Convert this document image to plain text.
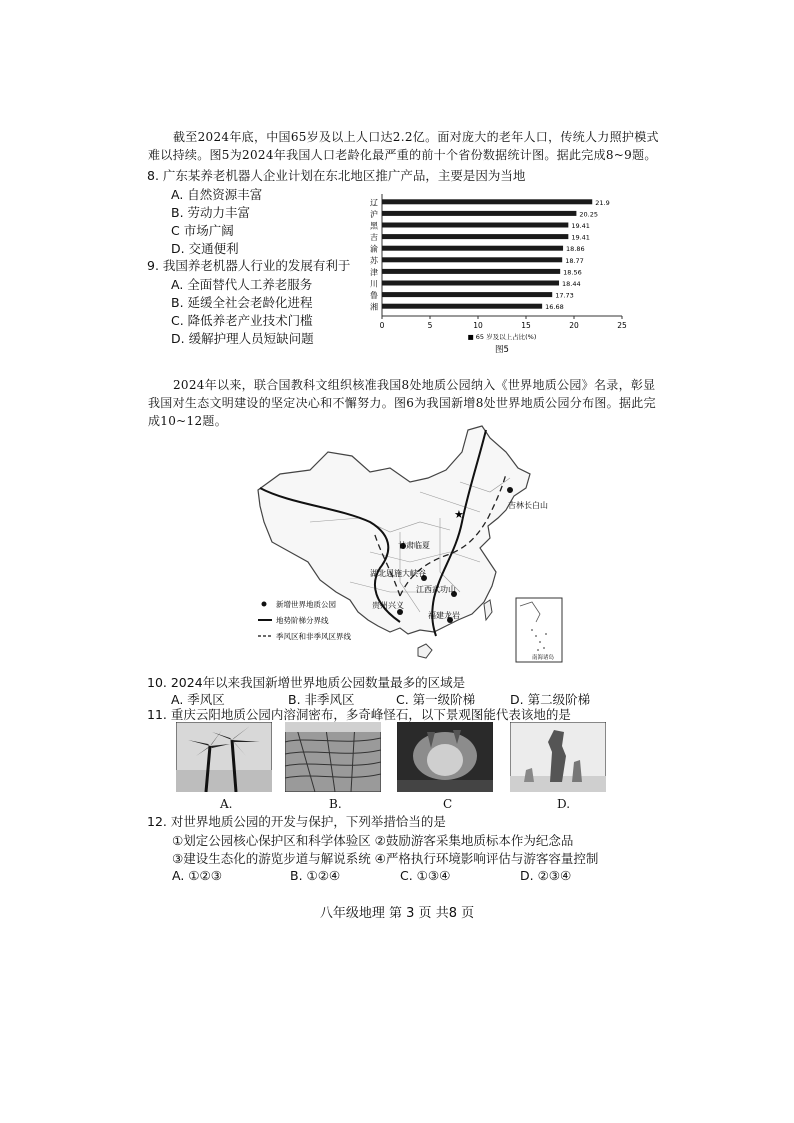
截至2024年底，中国65岁及以上人口达2.2亿。面对庞大的老年人口，传统人力照护模式难以持续。图5为2024年我国人口老龄化最严重的前十个省份数据统计图。据此完成8~9题。
8. 广东某养老机器人企业计划在东北地区推广产品，主要是因为当地
A. 自然资源丰富
B. 劳动力丰富
C 市场广阔
D. 交通便利
9. 我国养老机器人行业的发展有利于
A. 全面替代人工养老服务
B. 延缓全社会老龄化进程
C. 降低养老产业技术门槛
D. 缓解护理人员短缺问题
辽	21.9
沪	20.25
黑	19.41
吉	19.41
渝	18.86
苏	18.77
津	18.56
川	18.44
鲁	17.73
湘	16.68
0	5	10	15	20	25
■ 65 岁及以上占比(%)
图5
2024年以来，联合国教科文组织核准我国8处地质公园纳入《世界地质公园》名录，彰显我国对生态文明建设的坚定决心和不懈努力。图6为我国新增8处世界地质公园分布图。据此完成10~12题。
★
吉林长白山
甘肃临夏
湖北恩施大峡谷
江西武功山
贵州兴义
福建龙岩
新增世界地质公园
地势阶梯分界线
季风区和非季风区界线
南海诸岛
10. 2024年以来我国新增世界地质公园数量最多的区域是
A. 季风区	B. 非季风区	C. 第一级阶梯	D. 第二级阶梯
11. 重庆云阳地质公园内溶洞密布，多奇峰怪石，以下景观图能代表该地的是
A.	B.	C	D.
12. 对世界地质公园的开发与保护，下列举措恰当的是
①划定公园核心保护区和科学体验区 ②鼓励游客采集地质标本作为纪念品
③建设生态化的游览步道与解说系统 ④严格执行环境影响评估与游客容量控制
A. ①②③	B. ①②④	C. ①③④	D. ②③④
八年级地理 第 3 页 共8 页
